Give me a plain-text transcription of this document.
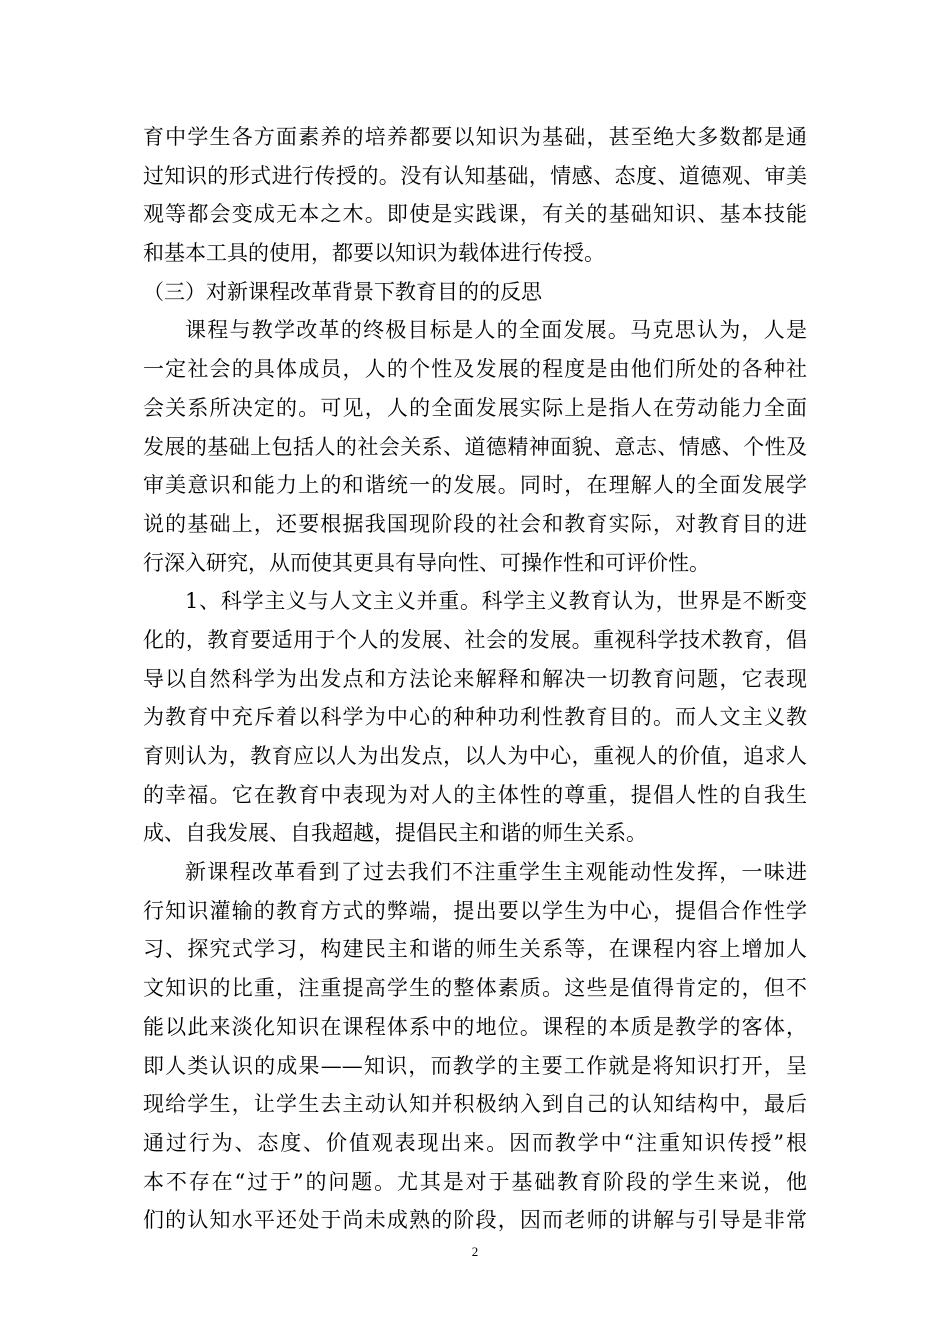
育中学生各方面素养的培养都要以知识为基础，甚至绝大多数都是通
过知识的形式进行传授的。没有认知基础，情感、态度、道德观、审美
观等都会变成无本之木。即使是实践课，有关的基础知识、基本技能
和基本工具的使用，都要以知识为载体进行传授。
（三）对新课程改革背景下教育目的的反思
课程与教学改革的终极目标是人的全面发展。马克思认为，人是
一定社会的具体成员，人的个性及发展的程度是由他们所处的各种社
会关系所决定的。可见，人的全面发展实际上是指人在劳动能力全面
发展的基础上包括人的社会关系、道德精神面貌、意志、情感、个性及
审美意识和能力上的和谐统一的发展。同时，在理解人的全面发展学
说的基础上，还要根据我国现阶段的社会和教育实际，对教育目的进
行深入研究，从而使其更具有导向性、可操作性和可评价性。
1、科学主义与人文主义并重。科学主义教育认为，世界是不断变
化的，教育要适用于个人的发展、社会的发展。重视科学技术教育，倡
导以自然科学为出发点和方法论来解释和解决一切教育问题，它表现
为教育中充斥着以科学为中心的种种功利性教育目的。而人文主义教
育则认为，教育应以人为出发点，以人为中心，重视人的价值，追求人
的幸福。它在教育中表现为对人的主体性的尊重，提倡人性的自我生
成、自我发展、自我超越，提倡民主和谐的师生关系。
新课程改革看到了过去我们不注重学生主观能动性发挥，一味进
行知识灌输的教育方式的弊端，提出要以学生为中心，提倡合作性学
习、探究式学习，构建民主和谐的师生关系等，在课程内容上增加人
文知识的比重，注重提高学生的整体素质。这些是值得肯定的，但不
能以此来淡化知识在课程体系中的地位。课程的本质是教学的客体，
即人类认识的成果——知识，而教学的主要工作就是将知识打开，呈
现给学生，让学生去主动认知并积极纳入到自己的认知结构中，最后
通过行为、态度、价值观表现出来。因而教学中“注重知识传授”根
本不存在“过于”的问题。尤其是对于基础教育阶段的学生来说，他
们的认知水平还处于尚未成熟的阶段，因而老师的讲解与引导是非常
2
